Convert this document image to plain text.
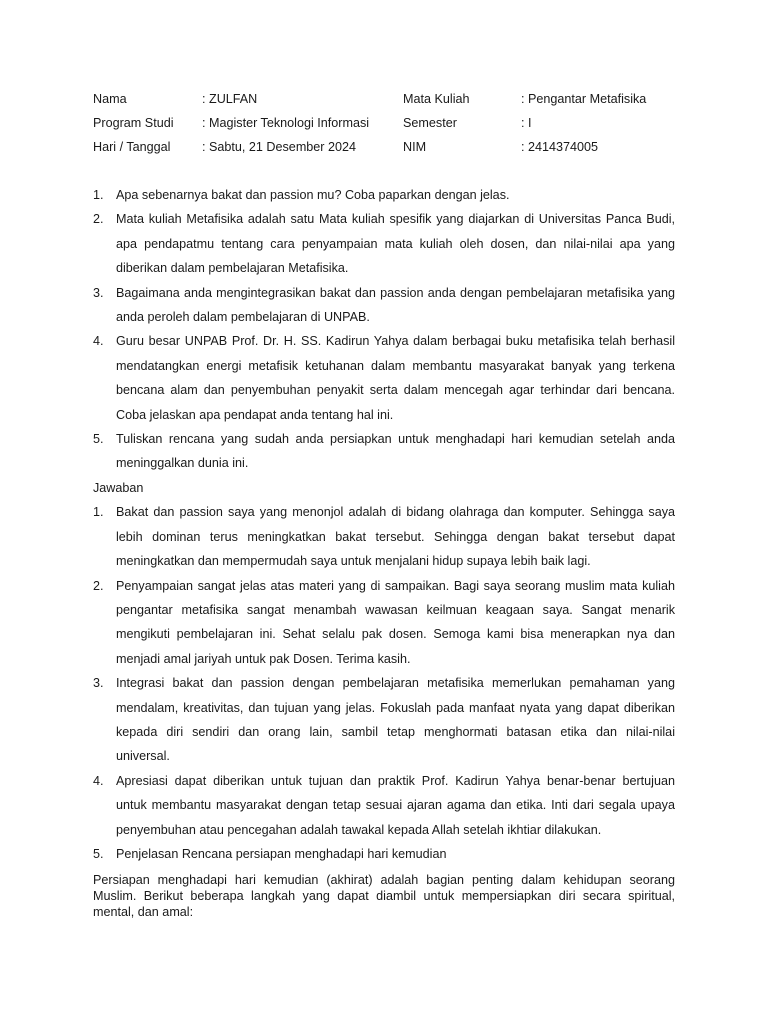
Nama	: ZULFAN	Mata Kuliah	: Pengantar Metafisika
Program Studi	: Magister Teknologi Informasi	Semester	: I
Hari / Tanggal	: Sabtu, 21 Desember 2024	NIM	: 2414374005
1. Apa sebenarnya bakat dan passion mu? Coba paparkan dengan jelas.
2. Mata kuliah Metafisika adalah satu Mata kuliah spesifik yang diajarkan di Universitas Panca Budi,
apa pendapatmu tentang cara penyampaian mata kuliah oleh dosen, dan nilai-nilai apa yang
diberikan dalam pembelajaran Metafisika.
3. Bagaimana anda mengintegrasikan bakat dan passion anda dengan pembelajaran metafisika yang
anda peroleh dalam pembelajaran di UNPAB.
4. Guru besar UNPAB Prof. Dr. H. SS. Kadirun Yahya dalam berbagai buku metafisika telah berhasil
mendatangkan energi metafisik ketuhanan dalam membantu masyarakat banyak yang terkena
bencana alam dan penyembuhan penyakit serta dalam mencegah agar terhindar dari bencana.
Coba jelaskan apa pendapat anda tentang hal ini.
5. Tuliskan rencana yang sudah anda persiapkan untuk menghadapi hari kemudian setelah anda
meninggalkan dunia ini.
Jawaban
1. Bakat dan passion saya yang menonjol adalah di bidang olahraga dan komputer. Sehingga saya
lebih dominan terus meningkatkan bakat tersebut. Sehingga dengan bakat tersebut dapat
meningkatkan dan mempermudah saya untuk menjalani hidup supaya lebih baik lagi.
2. Penyampaian sangat jelas atas materi yang di sampaikan. Bagi saya seorang muslim mata kuliah
pengantar metafisika sangat menambah wawasan keilmuan keagaan saya. Sangat menarik
mengikuti pembelajaran ini. Sehat selalu pak dosen. Semoga kami bisa menerapkan nya dan
menjadi amal jariyah untuk pak Dosen. Terima kasih.
3. Integrasi bakat dan passion dengan pembelajaran metafisika memerlukan pemahaman yang
mendalam, kreativitas, dan tujuan yang jelas. Fokuslah pada manfaat nyata yang dapat diberikan
kepada diri sendiri dan orang lain, sambil tetap menghormati batasan etika dan nilai-nilai
universal.
4. Apresiasi dapat diberikan untuk tujuan dan praktik Prof. Kadirun Yahya benar-benar bertujuan
untuk membantu masyarakat dengan tetap sesuai ajaran agama dan etika. Inti dari segala upaya
penyembuhan atau pencegahan adalah tawakal kepada Allah setelah ikhtiar dilakukan.
5. Penjelasan Rencana persiapan menghadapi hari kemudian
Persiapan menghadapi hari kemudian (akhirat) adalah bagian penting dalam kehidupan seorang
Muslim. Berikut beberapa langkah yang dapat diambil untuk mempersiapkan diri secara spiritual,
mental, dan amal:
